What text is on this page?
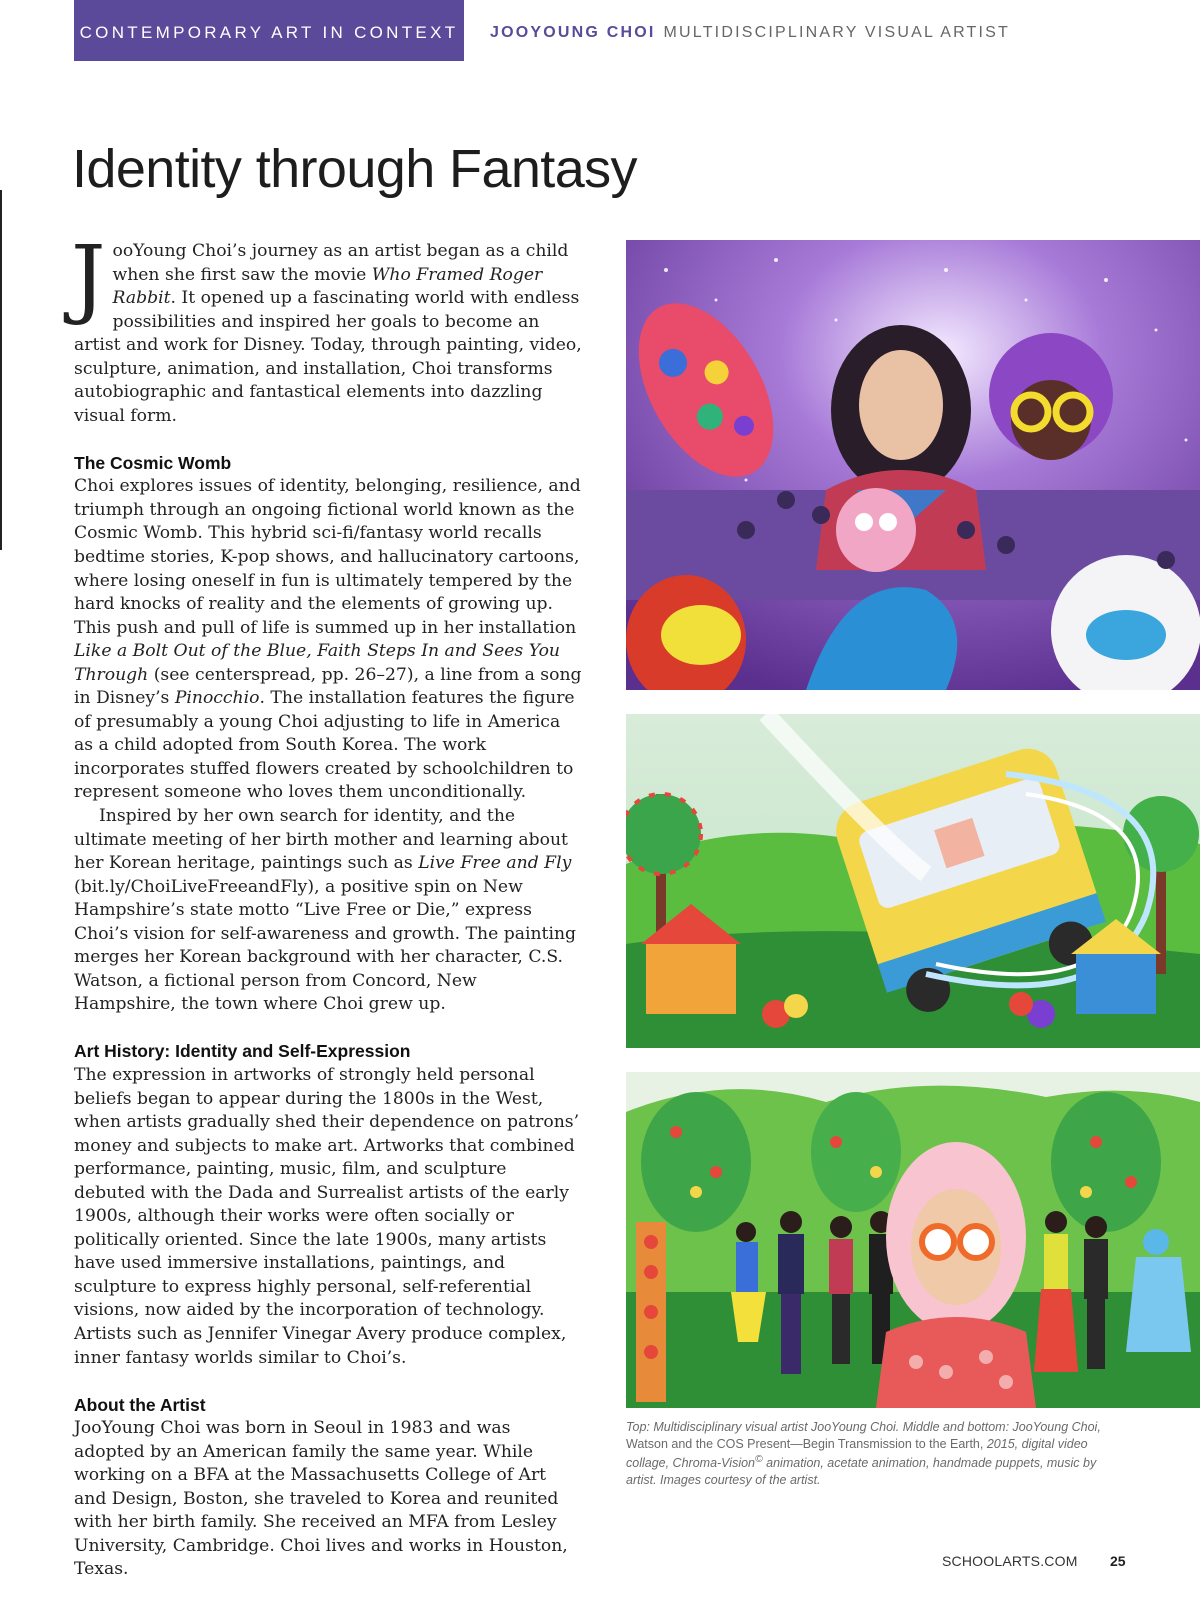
CONTEMPORARY ART IN CONTEXT	JOOYOUNG CHOI MULTIDISCIPLINARY VISUAL ARTIST
Identity through Fantasy

JooYoung Choi’s journey as an artist began as a child when she first saw the movie Who Framed Roger Rabbit. It opened up a fascinating world with endless possibilities and inspired her goals to become an artist and work for Disney. Today, through painting, video, sculpture, animation, and installation, Choi transforms autobiographic and fantastical elements into dazzling visual form.

The Cosmic Womb

Choi explores issues of identity, belonging, resilience, and triumph through an ongoing fictional world known as the Cosmic Womb. This hybrid sci-fi/fantasy world recalls bedtime stories, K-pop shows, and hallucinatory cartoons, where losing oneself in fun is ultimately tempered by the hard knocks of reality and the elements of growing up. This push and pull of life is summed up in her installation Like a Bolt Out of the Blue, Faith Steps In and Sees You Through (see centerspread, pp. 26–27), a line from a song in Disney’s Pinocchio. The installation features the figure of presumably a young Choi adjusting to life in America as a child adopted from South Korea. The work incorporates stuffed flowers created by schoolchildren to represent someone who loves them unconditionally.

Inspired by her own search for identity, and the ultimate meeting of her birth mother and learning about her Korean heritage, paintings such as Live Free and Fly (bit.ly/ChoiLiveFreeandFly), a positive spin on New Hampshire’s state motto “Live Free or Die,” express Choi’s vision for self-awareness and growth. The painting merges her Korean background with her character, C.S. Watson, a fictional person from Concord, New Hampshire, the town where Choi grew up.

Art History: Identity and Self-Expression

The expression in artworks of strongly held personal beliefs began to appear during the 1800s in the West, when artists gradually shed their dependence on patrons’ money and subjects to make art. Artworks that combined performance, painting, music, film, and sculpture debuted with the Dada and Surrealist artists of the early 1900s, although their works were often socially or politically oriented. Since the late 1900s, many artists have used immersive installations, paintings, and sculpture to express highly personal, self-referential visions, now aided by the incorporation of technology. Artists such as Jennifer Vinegar Avery produce complex, inner fantasy worlds similar to Choi’s.

About the Artist

JooYoung Choi was born in Seoul in 1983 and was adopted by an American family the same year. While working on a BFA at the Massachusetts College of Art and Design, Boston, she traveled to Korea and reunited with her birth family. She received an MFA from Lesley University, Cambridge. Choi lives and works in Houston, Texas.

Top: Multidisciplinary visual artist JooYoung Choi. Middle and bottom: JooYoung Choi, Watson and the COS Present—Begin Transmission to the Earth, 2015, digital video collage, Chroma-Vision© animation, acetate animation, handmade puppets, music by artist. Images courtesy of the artist.
SCHOOLARTS.COM 25
